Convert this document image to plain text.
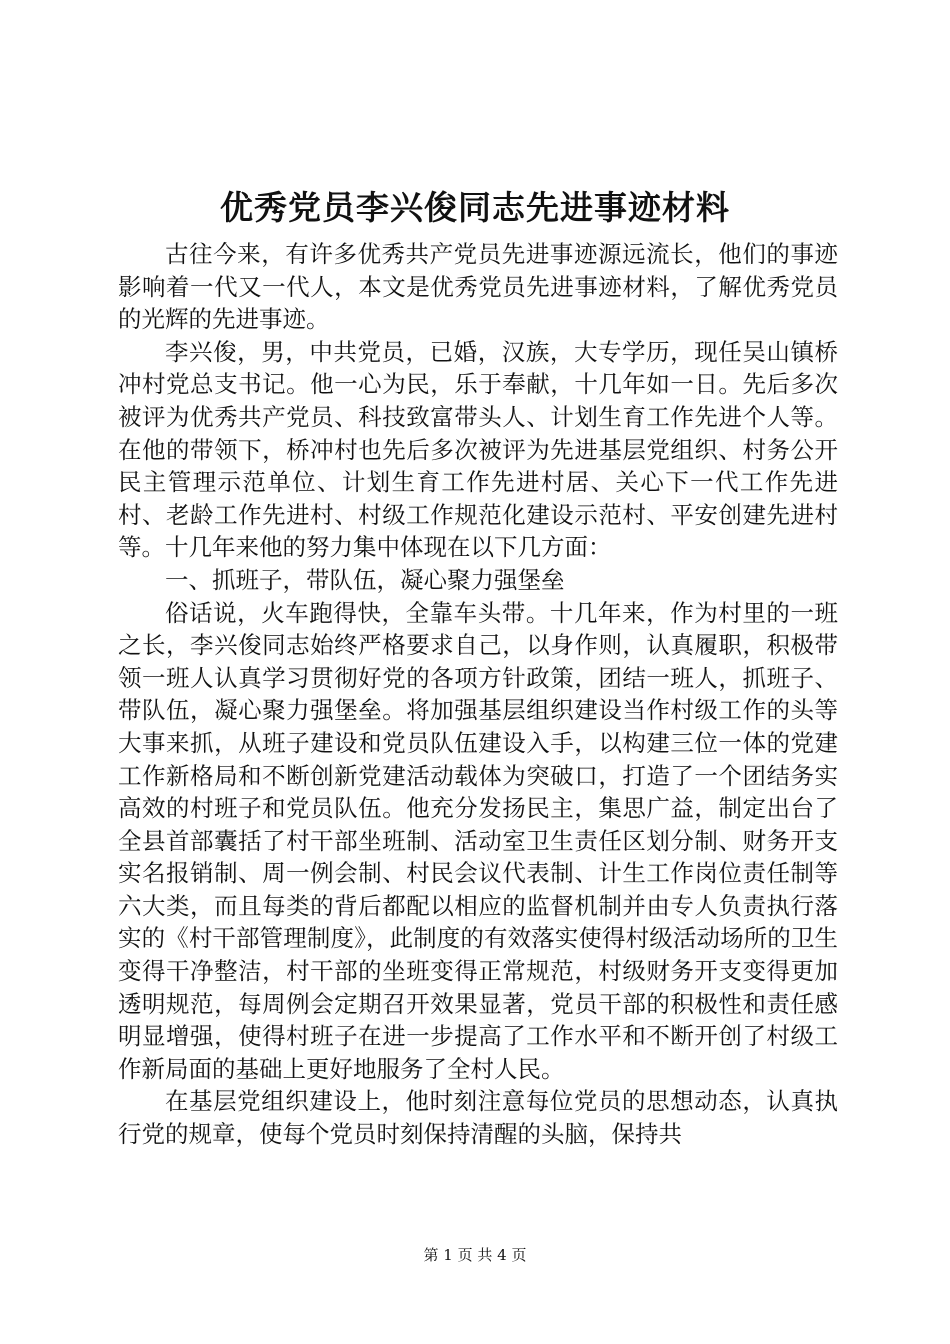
优秀党员李兴俊同志先进事迹材料

古往今来，有许多优秀共产党员先进事迹源远流长，他们的事迹影响着一代又一代人，本文是优秀党员先进事迹材料，了解优秀党员的光辉的先进事迹。

李兴俊，男，中共党员，已婚，汉族，大专学历，现任吴山镇桥冲村党总支书记。他一心为民，乐于奉献，十几年如一日。先后多次被评为优秀共产党员、科技致富带头人、计划生育工作先进个人等。在他的带领下，桥冲村也先后多次被评为先进基层党组织、村务公开民主管理示范单位、计划生育工作先进村居、关心下一代工作先进村、老龄工作先进村、村级工作规范化建设示范村、平安创建先进村等。十几年来他的努力集中体现在以下几方面：

一、抓班子，带队伍，凝心聚力强堡垒

俗话说，火车跑得快，全靠车头带。十几年来，作为村里的一班之长，李兴俊同志始终严格要求自己，以身作则，认真履职，积极带领一班人认真学习贯彻好党的各项方针政策，团结一班人，抓班子、带队伍，凝心聚力强堡垒。将加强基层组织建设当作村级工作的头等大事来抓，从班子建设和党员队伍建设入手，以构建三位一体的党建工作新格局和不断创新党建活动载体为突破口，打造了一个团结务实高效的村班子和党员队伍。他充分发扬民主，集思广益，制定出台了全县首部囊括了村干部坐班制、活动室卫生责任区划分制、财务开支实名报销制、周一例会制、村民会议代表制、计生工作岗位责任制等六大类，而且每类的背后都配以相应的监督机制并由专人负责执行落实的《村干部管理制度》，此制度的有效落实使得村级活动场所的卫生变得干净整洁，村干部的坐班变得正常规范，村级财务开支变得更加透明规范，每周例会定期召开效果显著，党员干部的积极性和责任感明显增强，使得村班子在进一步提高了工作水平和不断开创了村级工作新局面的基础上更好地服务了全村人民。

在基层党组织建设上，他时刻注意每位党员的思想动态，认真执行党的规章，使每个党员时刻保持清醒的头脑，保持共

第 1 页 共 4 页
